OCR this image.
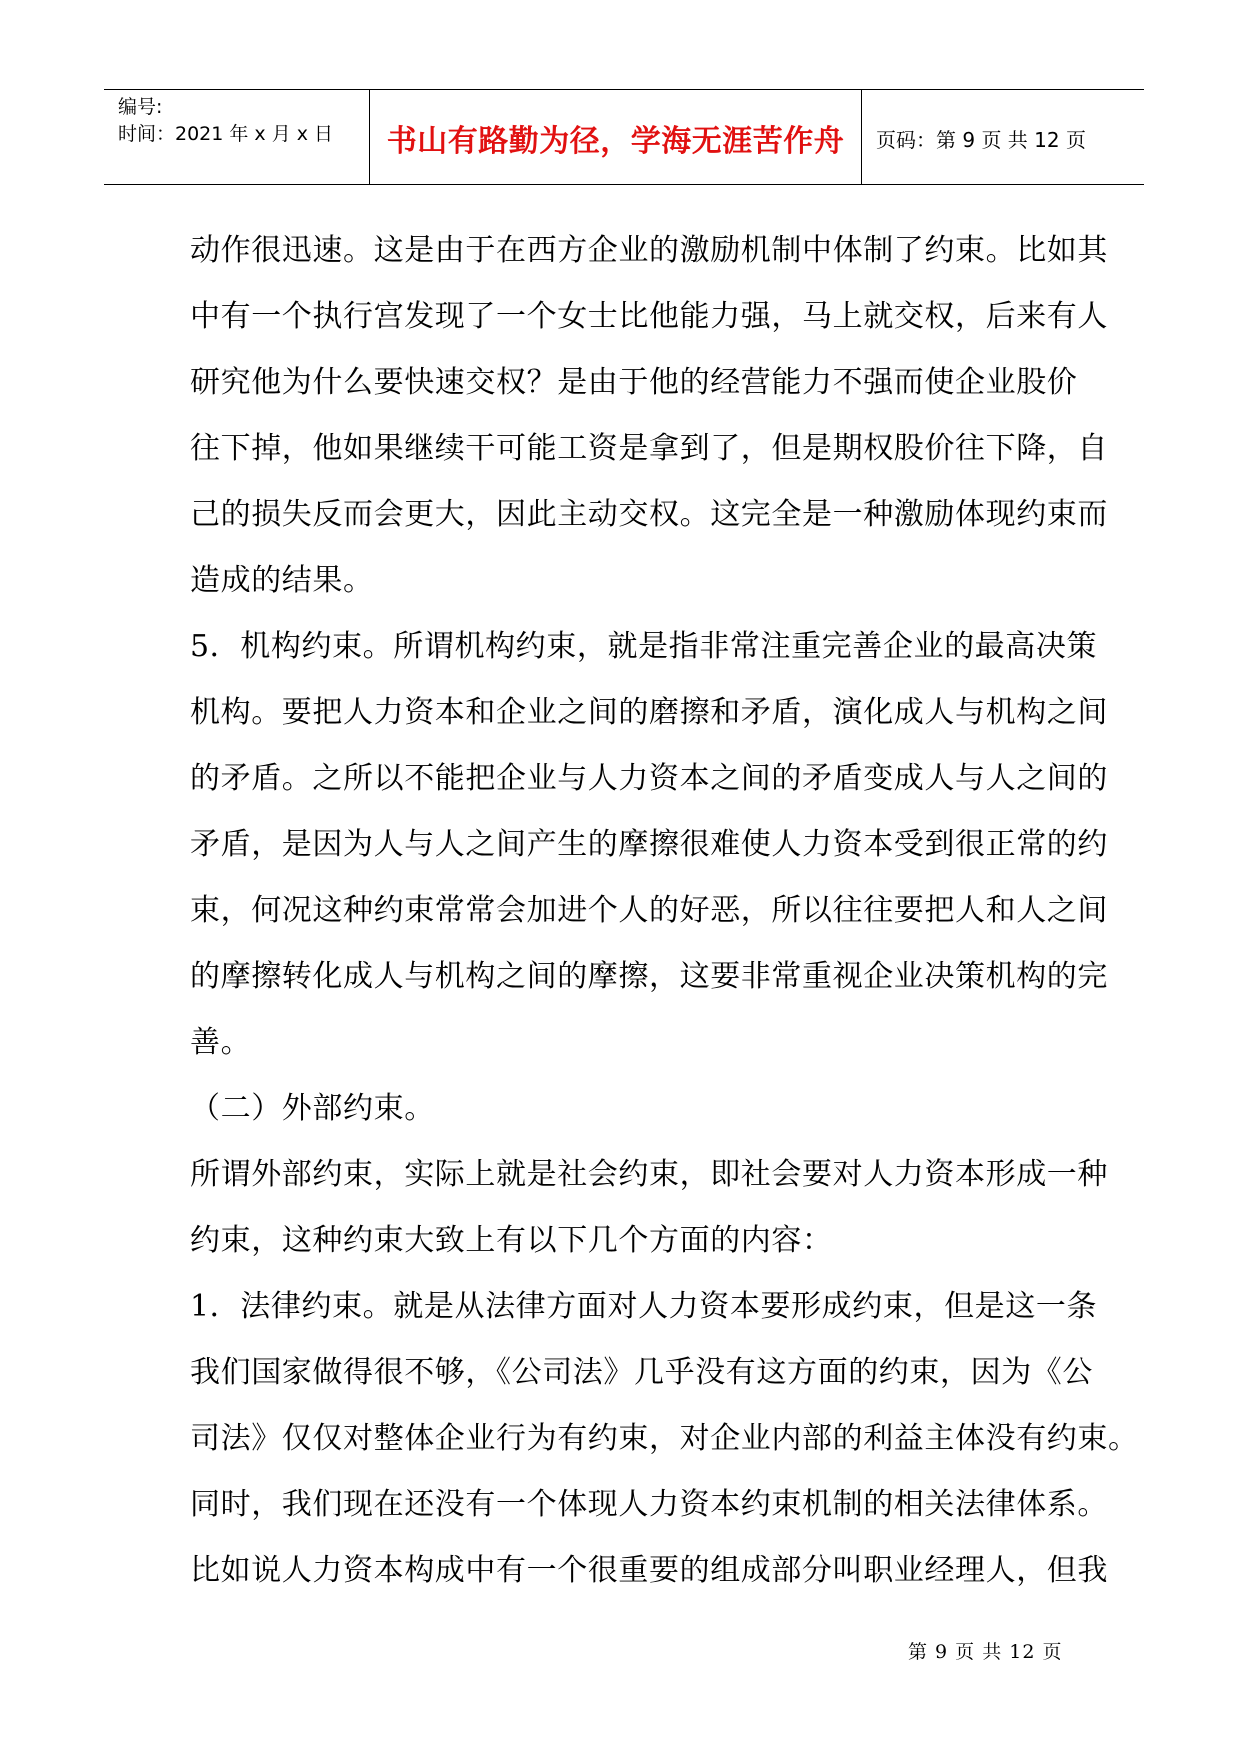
编号:
时间：2021 年 x 月 x 日	书山有路勤为径，学海无涯苦作舟	页码：第 9 页 共 12 页
动作很迅速。这是由于在西方企业的激励机制中体制了约束。比如其
中有一个执行宫发现了一个女士比他能力强，马上就交权，后来有人
研究他为什么要快速交权？是由于他的经营能力不强而使企业股价
往下掉，他如果继续干可能工资是拿到了，但是期权股价往下降，自
己的损失反而会更大，因此主动交权。这完全是一种激励体现约束而
造成的结果。
5．机构约束。所谓机构约束，就是指非常注重完善企业的最高决策
机构。要把人力资本和企业之间的磨擦和矛盾，演化成人与机构之间
的矛盾。之所以不能把企业与人力资本之间的矛盾变成人与人之间的
矛盾，是因为人与人之间产生的摩擦很难使人力资本受到很正常的约
束，何况这种约束常常会加进个人的好恶，所以往往要把人和人之间
的摩擦转化成人与机构之间的摩擦，这要非常重视企业决策机构的完
善。
（二）外部约束。
所谓外部约束，实际上就是社会约束，即社会要对人力资本形成一种
约束，这种约束大致上有以下几个方面的内容：
1．法律约束。就是从法律方面对人力资本要形成约束，但是这一条
我们国家做得很不够，《公司法》几乎没有这方面的约束，因为《公
司法》仅仅对整体企业行为有约束，对企业内部的利益主体没有约束。
同时，我们现在还没有一个体现人力资本约束机制的相关法律体系。
比如说人力资本构成中有一个很重要的组成部分叫职业经理人，但我
第 9 页 共 12 页
